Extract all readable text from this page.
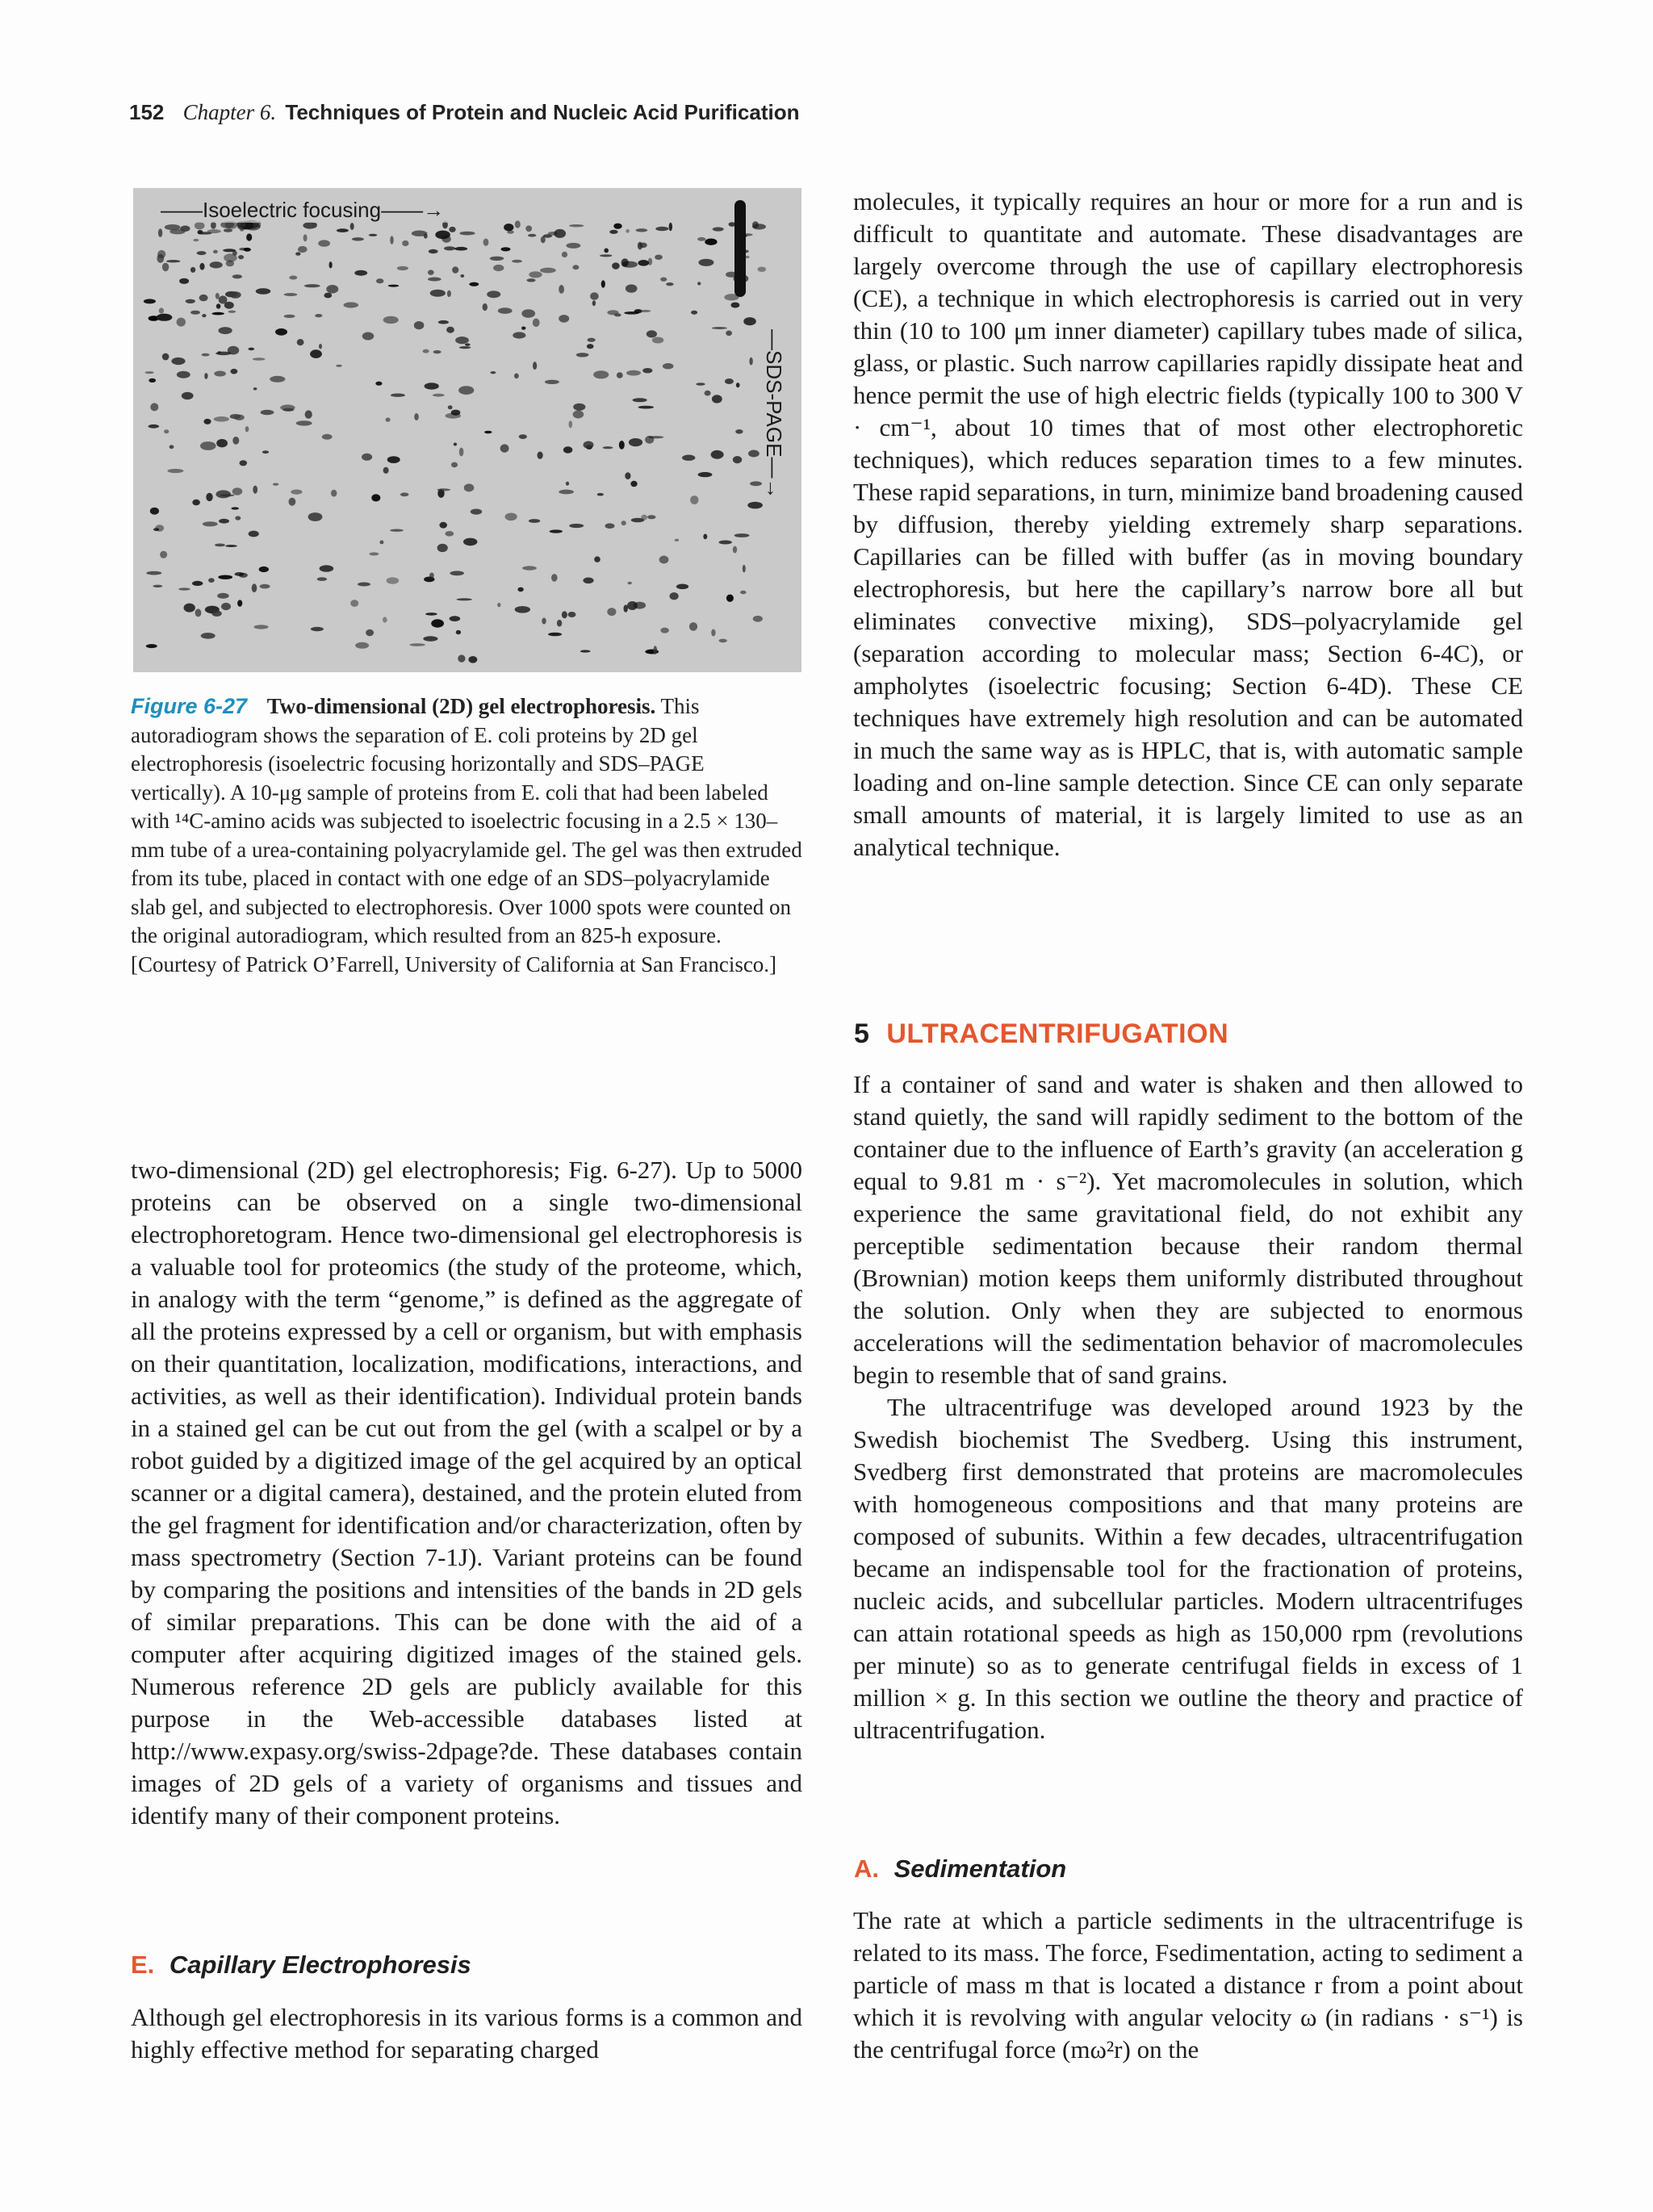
152 Chapter 6. Techniques of Protein and Nucleic Acid Purification
——Isoelectric focusing——→
—SDS-PAGE—→
Figure 6-27 Two-dimensional (2D) gel electrophoresis. This autoradiogram shows the separation of E. coli proteins by 2D gel electrophoresis (isoelectric focusing horizontally and SDS–PAGE vertically). A 10-μg sample of proteins from E. coli that had been labeled with ¹⁴C-amino acids was subjected to isoelectric focusing in a 2.5 × 130–mm tube of a urea-containing polyacrylamide gel. The gel was then extruded from its tube, placed in contact with one edge of an SDS–polyacrylamide slab gel, and subjected to electrophoresis. Over 1000 spots were counted on the original autoradiogram, which resulted from an 825-h exposure. [Courtesy of Patrick O’Farrell, University of California at San Francisco.]

two-dimensional (2D) gel electrophoresis; Fig. 6-27). Up to 5000 proteins can be observed on a single two-dimensional electrophoretogram. Hence two-dimensional gel electrophoresis is a valuable tool for proteomics (the study of the proteome, which, in analogy with the term “genome,” is defined as the aggregate of all the proteins expressed by a cell or organism, but with emphasis on their quantitation, localization, modifications, interactions, and activities, as well as their identification). Individual protein bands in a stained gel can be cut out from the gel (with a scalpel or by a robot guided by a digitized image of the gel acquired by an optical scanner or a digital camera), destained, and the protein eluted from the gel fragment for identification and/or characterization, often by mass spectrometry (Section 7-1J). Variant proteins can be found by comparing the positions and intensities of the bands in 2D gels of similar preparations. This can be done with the aid of a computer after acquiring digitized images of the stained gels. Numerous reference 2D gels are publicly available for this purpose in the Web-accessible databases listed at http://www.expasy.org/swiss-2dpage?de. These databases contain images of 2D gels of a variety of organisms and tissues and identify many of their component proteins.

E. Capillary Electrophoresis

Although gel electrophoresis in its various forms is a common and highly effective method for separating charged

molecules, it typically requires an hour or more for a run and is difficult to quantitate and automate. These disadvantages are largely overcome through the use of capillary electrophoresis (CE), a technique in which electrophoresis is carried out in very thin (10 to 100 μm inner diameter) capillary tubes made of silica, glass, or plastic. Such narrow capillaries rapidly dissipate heat and hence permit the use of high electric fields (typically 100 to 300 V · cm⁻¹, about 10 times that of most other electrophoretic techniques), which reduces separation times to a few minutes. These rapid separations, in turn, minimize band broadening caused by diffusion, thereby yielding extremely sharp separations. Capillaries can be filled with buffer (as in moving boundary electrophoresis, but here the capillary’s narrow bore all but eliminates convective mixing), SDS–polyacrylamide gel (separation according to molecular mass; Section 6-4C), or ampholytes (isoelectric focusing; Section 6-4D). These CE techniques have extremely high resolution and can be automated in much the same way as is HPLC, that is, with automatic sample loading and on-line sample detection. Since CE can only separate small amounts of material, it is largely limited to use as an analytical technique.

5 ULTRACENTRIFUGATION

If a container of sand and water is shaken and then allowed to stand quietly, the sand will rapidly sediment to the bottom of the container due to the influence of Earth’s gravity (an acceleration g equal to 9.81 m · s⁻²). Yet macromolecules in solution, which experience the same gravitational field, do not exhibit any perceptible sedimentation because their random thermal (Brownian) motion keeps them uniformly distributed throughout the solution. Only when they are subjected to enormous accelerations will the sedimentation behavior of macromolecules begin to resemble that of sand grains.

The ultracentrifuge was developed around 1923 by the Swedish biochemist The Svedberg. Using this instrument, Svedberg first demonstrated that proteins are macromolecules with homogeneous compositions and that many proteins are composed of subunits. Within a few decades, ultracentrifugation became an indispensable tool for the fractionation of proteins, nucleic acids, and subcellular particles. Modern ultracentrifuges can attain rotational speeds as high as 150,000 rpm (revolutions per minute) so as to generate centrifugal fields in excess of 1 million × g. In this section we outline the theory and practice of ultracentrifugation.

A. Sedimentation

The rate at which a particle sediments in the ultracentrifuge is related to its mass. The force, Fsedimentation, acting to sediment a particle of mass m that is located a distance r from a point about which it is revolving with angular velocity ω (in radians · s⁻¹) is the centrifugal force (mω²r) on the
